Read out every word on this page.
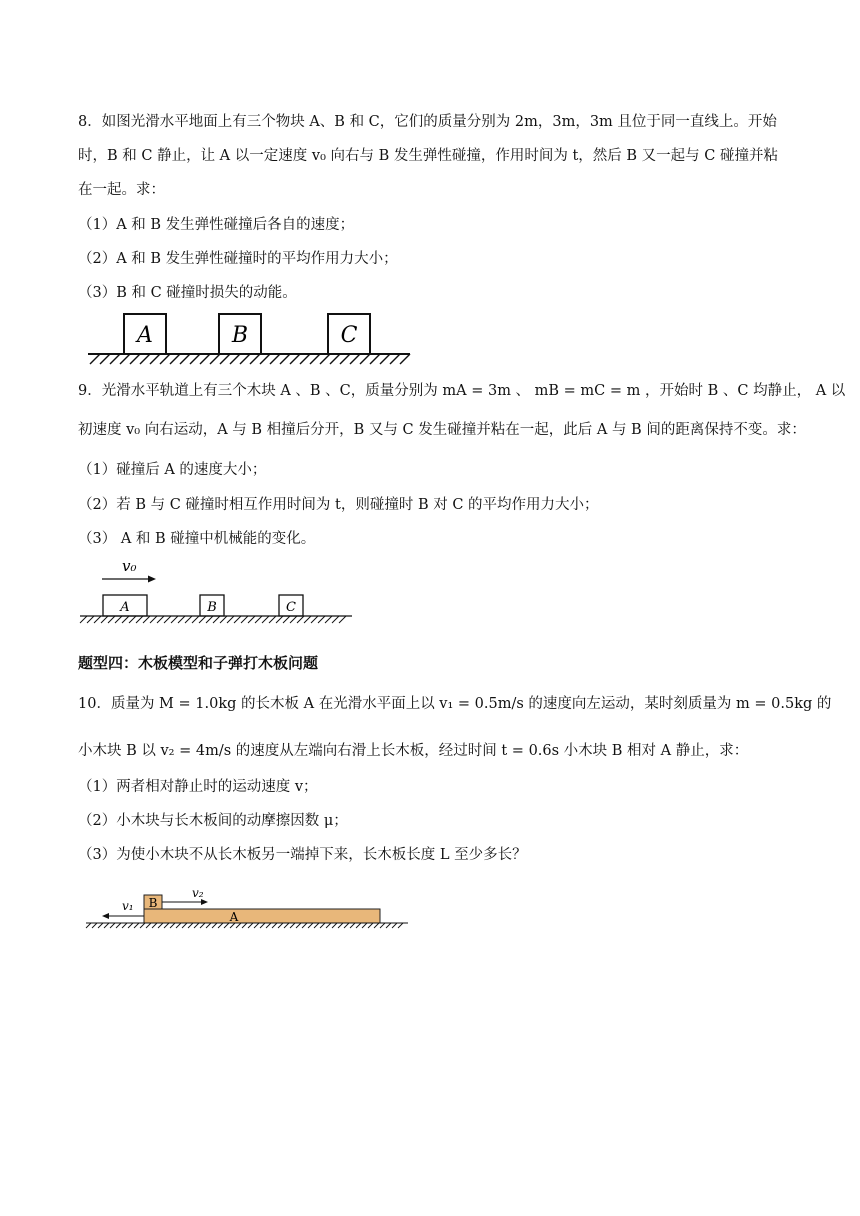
8．如图光滑水平地面上有三个物块 A、B 和 C，它们的质量分别为 2m，3m，3m 且位于同一直线上。开始
时，B 和 C 静止，让 A 以一定速度 v₀ 向右与 B 发生弹性碰撞，作用时间为 t，然后 B 又一起与 C 碰撞并粘
在一起。求：
（1）A 和 B 发生弹性碰撞后各自的速度；
（2）A 和 B 发生弹性碰撞时的平均作用力大小；
（3）B 和 C 碰撞时损失的动能。
A	B	C
9．光滑水平轨道上有三个木块 A 、B 、C，质量分别为 mA = 3m 、 mB = mC = m ，开始时 B 、C 均静止， A 以
初速度 v₀ 向右运动，A 与 B 相撞后分开，B 又与 C 发生碰撞并粘在一起，此后 A 与 B 间的距离保持不变。求：
（1）碰撞后 A 的速度大小；
（2）若 B 与 C 碰撞时相互作用时间为 t，则碰撞时 B 对 C 的平均作用力大小；
（3） A 和 B 碰撞中机械能的变化。
v₀
A	B	C
题型四：木板模型和子弹打木板问题
10．质量为 M = 1.0kg 的长木板 A 在光滑水平面上以 v₁ = 0.5m/s 的速度向左运动，某时刻质量为 m = 0.5kg 的
小木块 B 以 v₂ = 4m/s 的速度从左端向右滑上长木板，经过时间 t = 0.6s 小木块 B 相对 A 静止，求：
（1）两者相对静止时的运动速度 v；
（2）小木块与长木板间的动摩擦因数 μ；
（3）为使小木块不从长木板另一端掉下来，长木板长度 L 至少多长？
B
A
v₂
v₁
